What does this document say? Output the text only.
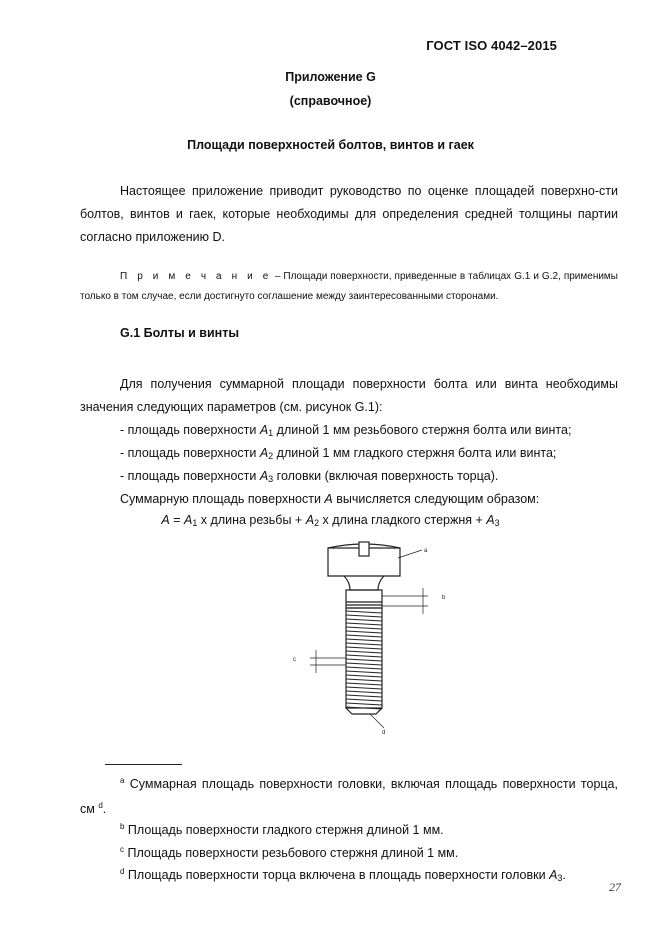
ГОСТ ISO 4042–2015
Приложение G
(справочное)
Площади поверхностей болтов, винтов и гаек
Настоящее приложение приводит руководство по оценке площадей поверхно-сти болтов, винтов и гаек, которые необходимы для определения средней толщины партии согласно приложению D.
П р и м е ч а н и е – Площади поверхности, приведенные в таблицах G.1 и G.2, применимы только в том случае, если достигнуто соглашение между заинтересованными сторонами.
G.1 Болты и винты
Для получения суммарной площади поверхности болта или винта необходимы значения следующих параметров (см. рисунок G.1):
- площадь поверхности $A_1$ длиной 1 мм резьбового стержня болта или винта;
- площадь поверхности $A_2$ длиной 1 мм гладкого стержня болта или винта;
- площадь поверхности $A_3$ головки (включая поверхность торца).
Суммарную площадь поверхности A вычисляется следующим образом:
$A = A_1$ х длина резьбы + $A_2$ х длина гладкого стержня + $A_3$
a
b
c
d
$^a$ Суммарная площадь поверхности головки, включая площадь поверхности торца, см $^d$.
$^b$ Площадь поверхности гладкого стержня длиной 1 мм.
$^c$ Площадь поверхности резьбового стержня длиной 1 мм.
$^d$ Площадь поверхности торца включена в площадь поверхности головки $A_3$.
27
